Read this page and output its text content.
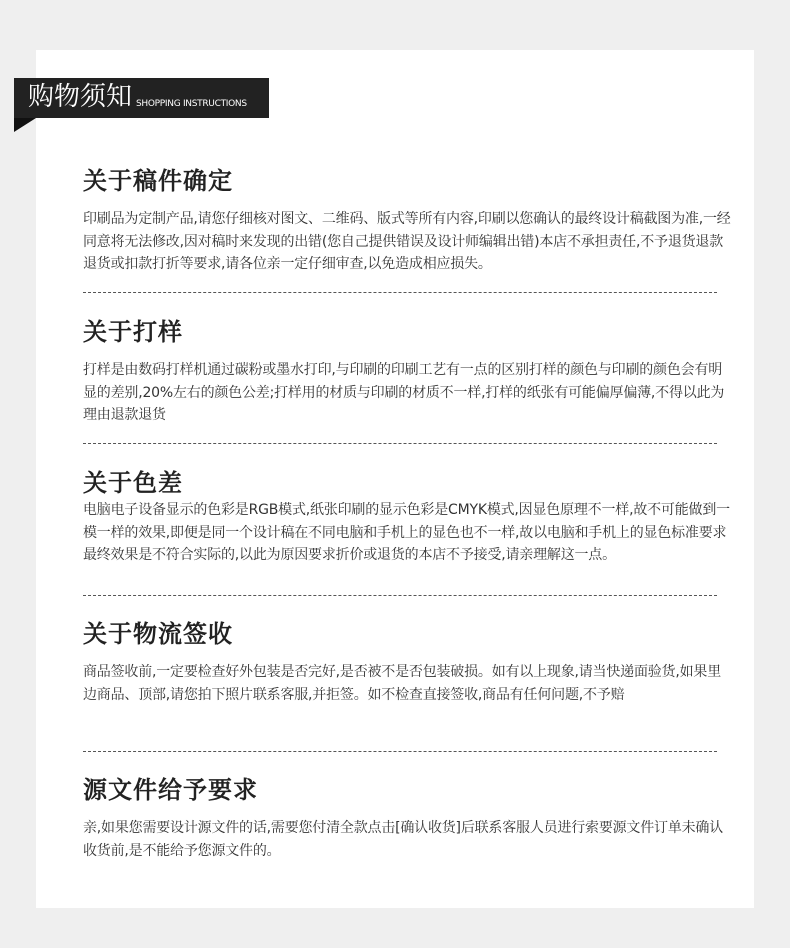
购物须知 SHOPPING INSTRUCTIONS
关于稿件确定

印刷品为定制产品,请您仔细核对图文、二维码、版式等所有内容,印刷以您确认的最终设计稿截图为准,一经同意将无法修改,因对稿时来发现的出错(您自己提供错误及设计师编辑出错)本店不承担责任,不予退货退款退货或扣款打折等要求,请各位亲一定仔细审查,以免造成相应损失。

关于打样

打样是由数码打样机通过碳粉或墨水打印,与印刷的印刷工艺有一点的区别打样的颜色与印刷的颜色会有明显的差别,20%左右的颜色公差;打样用的材质与印刷的材质不一样,打样的纸张有可能偏厚偏薄,不得以此为理由退款退货

关于色差

电脑电子设备显示的色彩是RGB模式,纸张印刷的显示色彩是CMYK模式,因显色原理不一样,故不可能做到一模一样的效果,即便是同一个设计稿在不同电脑和手机上的显色也不一样,故以电脑和手机上的显色标准要求最终效果是不符合实际的,以此为原因要求折价或退货的本店不予接受,请亲理解这一点。

关于物流签收

商品签收前,一定要检查好外包装是否完好,是否被不是否包装破损。如有以上现象,请当快递面验货,如果里边商品、顶部,请您拍下照片联系客服,并拒签。如不检查直接签收,商品有任何问题,不予赔

源文件给予要求

亲,如果您需要设计源文件的话,需要您付清全款点击[确认收货]后联系客服人员进行索要源文件订单未确认收货前,是不能给予您源文件的。
